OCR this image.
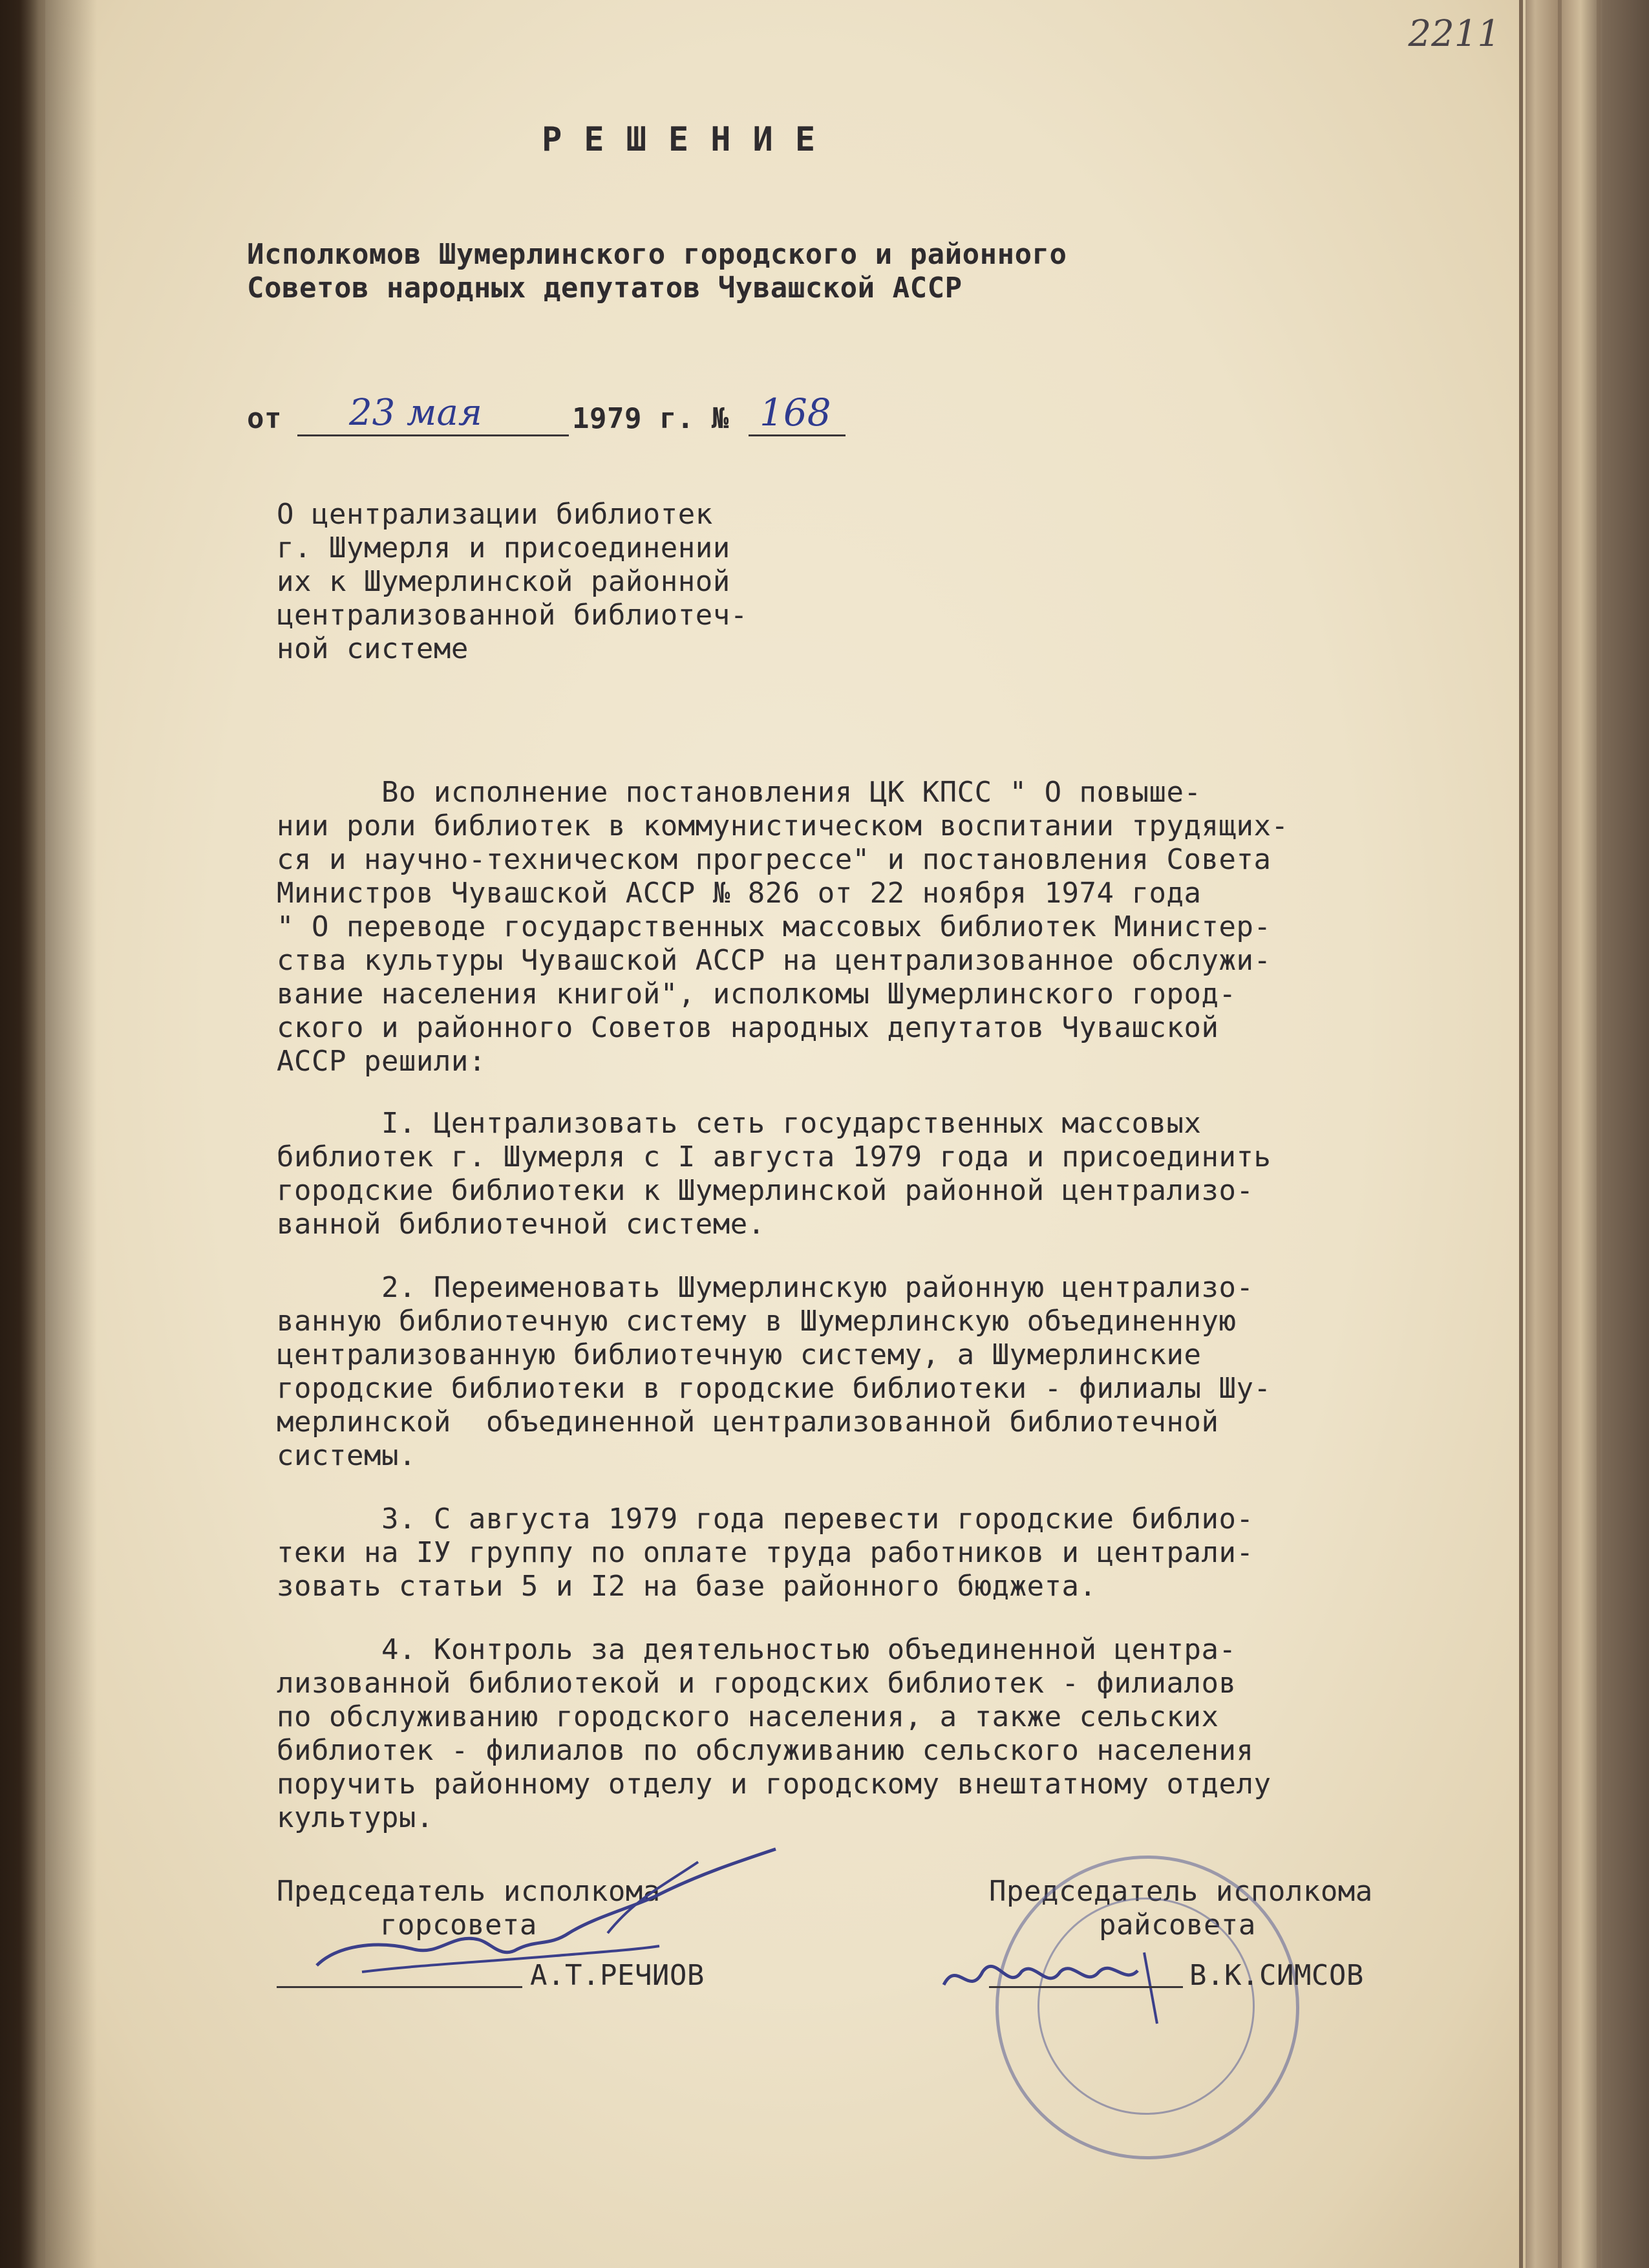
2211
РЕШЕНИЕ
Исполкомов Шумерлинского городского и районного
Советов народных депутатов Чувашской АССР
от 23 мая	1979 г. № 168
О централизации библиотек
г. Шумерля и присоединении
их к Шумерлинской районной
централизованной библиотеч-
ной системе
Во исполнение постановления ЦК КПСС " О повыше-
нии роли библиотек в коммунистическом воспитании трудящих-
ся и научно-техническом прогрессе" и постановления Совета
Министров Чувашской АССР № 826 от 22 ноября 1974 года
" О переводе государственных массовых библиотек Министер-
ства культуры Чувашской АССР на централизованное обслужи-
вание населения книгой", исполкомы Шумерлинского город-
ского и районного Советов народных депутатов Чувашской
АССР решили:
I. Централизовать сеть государственных массовых
библиотек г. Шумерля с I августа 1979 года и присоединить
городские библиотеки к Шумерлинской районной централизо-
ванной библиотечной системе.
2. Переименовать Шумерлинскую районную централизо-
ванную библиотечную систему в Шумерлинскую объединенную
централизованную библиотечную систему, а Шумерлинские
городские библиотеки в городские библиотеки - филиалы Шу-
мерлинской  объединенной централизованной библиотечной
системы.
3. С августа 1979 года перевести городские библио-
теки на IУ группу по оплате труда работников и централи-
зовать статьи 5 и I2 на базе районного бюджета.
4. Контроль за деятельностью объединенной центра-
лизованной библиотекой и городских библиотек - филиалов
по обслуживанию городского населения, а также сельских
библиотек - филиалов по обслуживанию сельского населения
поручить районному отделу и городскому внештатному отделу
культуры.
Председатель исполкома
горсовета
А.Т.РЕЧИОВ
Председатель исполкома
райсовета
В.К.СИМСОВ
